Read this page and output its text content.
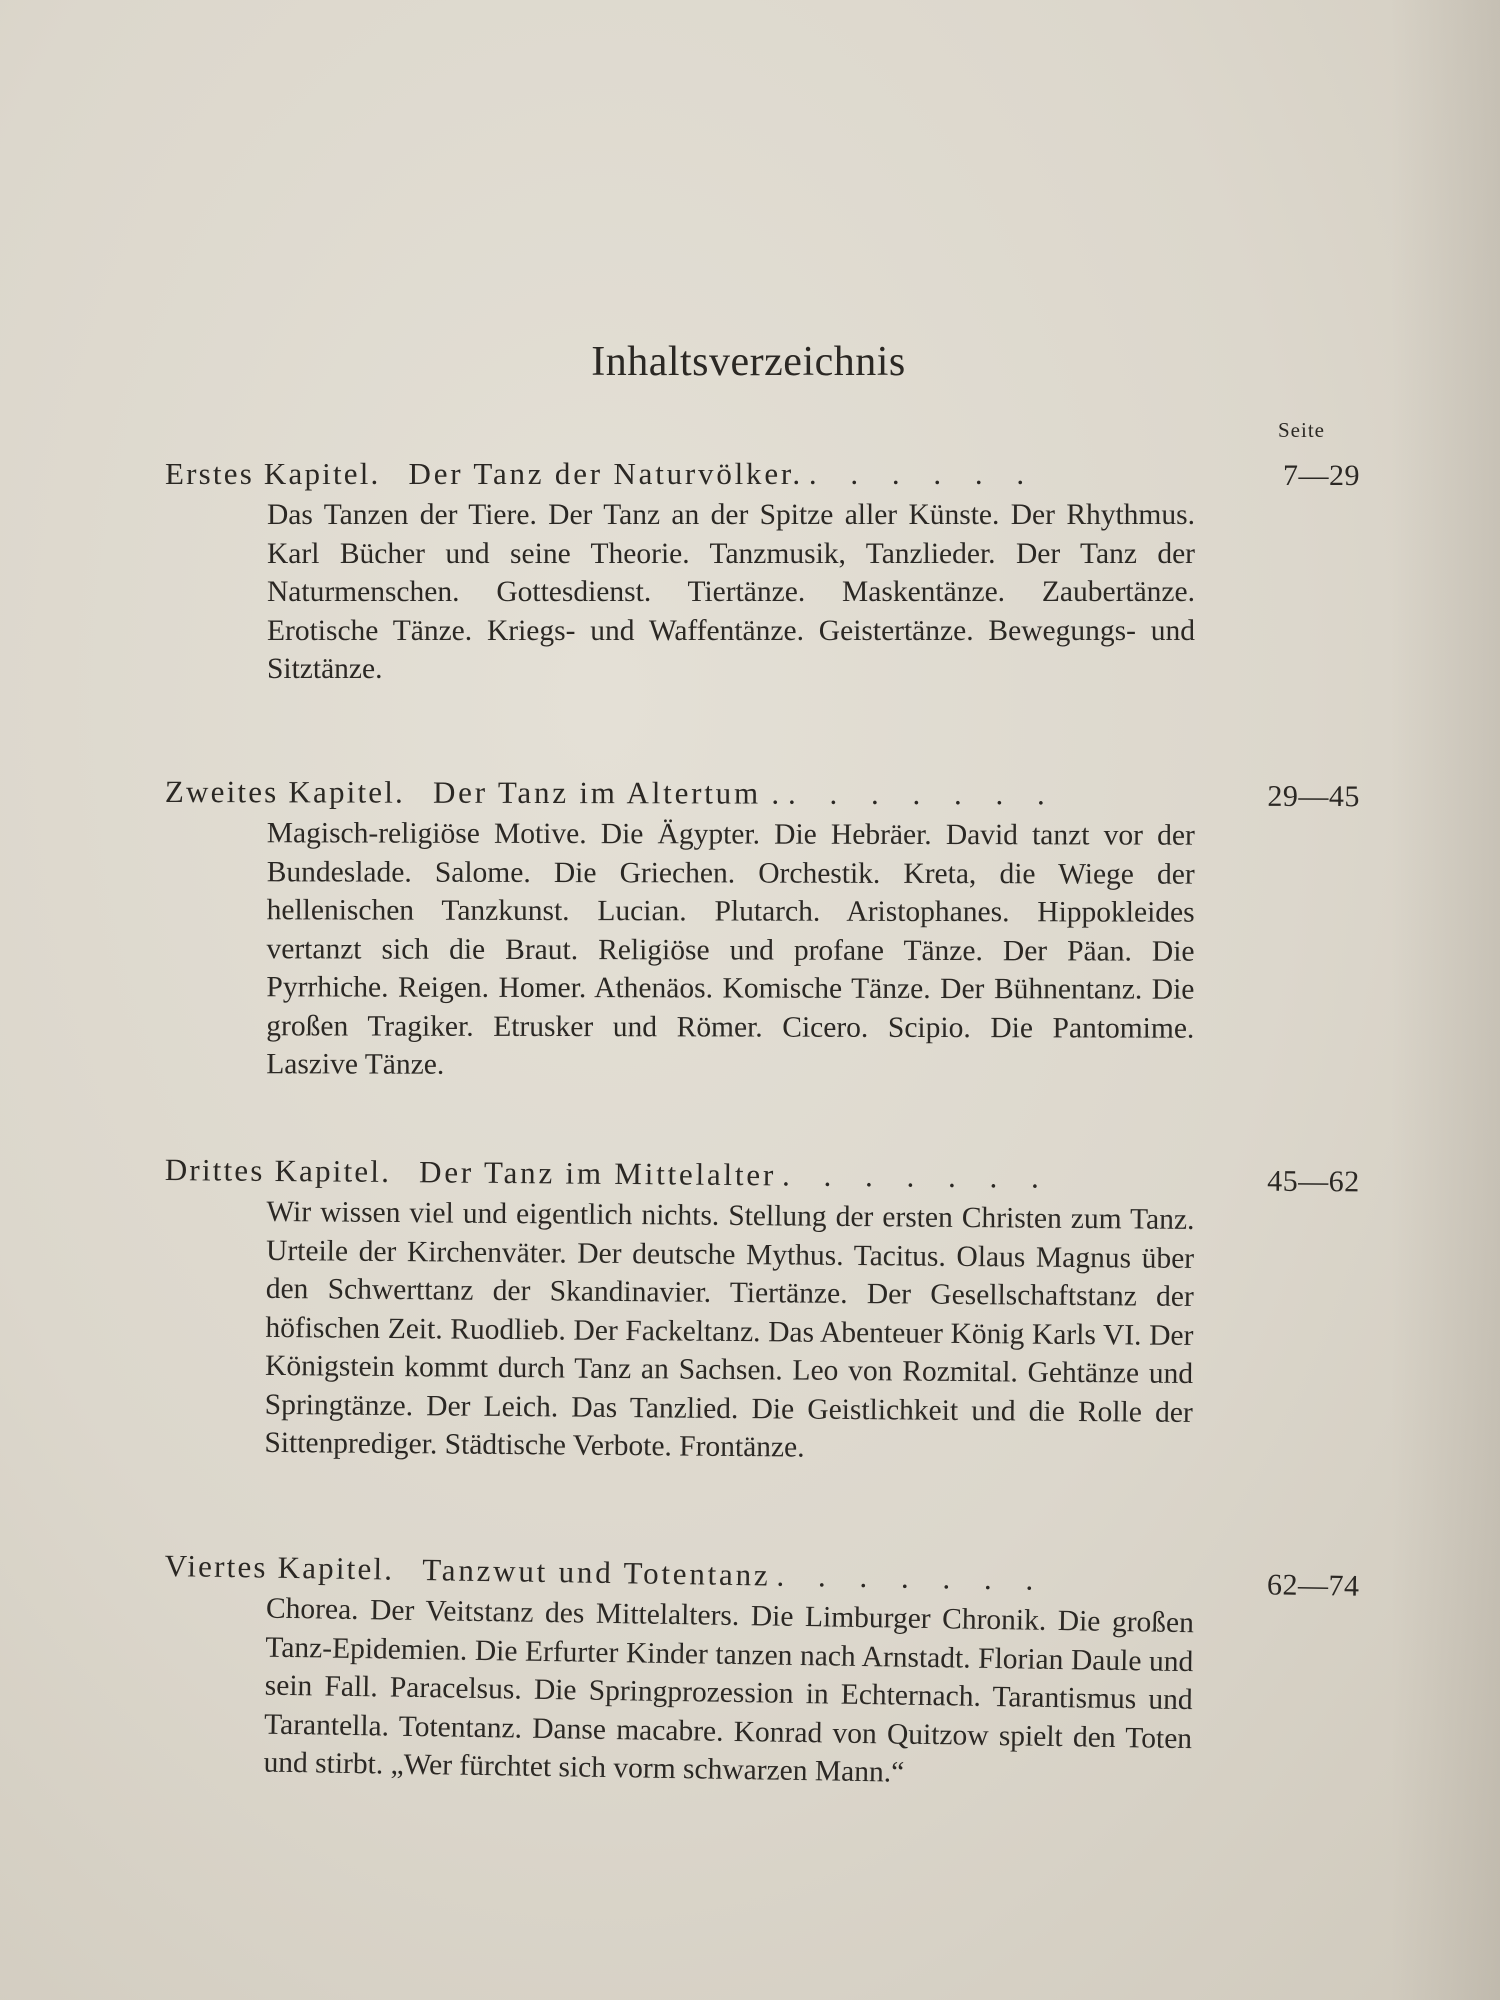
Inhaltsverzeichnis
Seite
Erstes Kapitel. Der Tanz der Naturvölker. . . . . . .	7—29
Das Tanzen der Tiere. Der Tanz an der Spitze aller Künste. Der Rhythmus. Karl Bücher und seine Theorie. Tanzmusik, Tanzlieder. Der Tanz der Naturmenschen. Gottesdienst. Tiertänze. Maskentänze. Zaubertänze. Erotische Tänze. Kriegs- und Waffentänze. Geistertänze. Bewegungs- und Sitztänze.
Zweites Kapitel. Der Tanz im Altertum . . . . . . . .	29—45
Magisch-religiöse Motive. Die Ägypter. Die Hebräer. David tanzt vor der Bundeslade. Salome. Die Griechen. Orchestik. Kreta, die Wiege der hellenischen Tanzkunst. Lucian. Plutarch. Aristophanes. Hippokleides vertanzt sich die Braut. Religiöse und profane Tänze. Der Päan. Die Pyrrhiche. Reigen. Homer. Athenäos. Komische Tänze. Der Bühnentanz. Die großen Tragiker. Etrusker und Römer. Cicero. Scipio. Die Pantomime. Laszive Tänze.
Drittes Kapitel. Der Tanz im Mittelalter . . . . . . .	45—62
Wir wissen viel und eigentlich nichts. Stellung der ersten Christen zum Tanz. Urteile der Kirchenväter. Der deutsche Mythus. Tacitus. Olaus Magnus über den Schwerttanz der Skandinavier. Tiertänze. Der Gesellschaftstanz der höfischen Zeit. Ruodlieb. Der Fackeltanz. Das Abenteuer König Karls VI. Der Königstein kommt durch Tanz an Sachsen. Leo von Rozmital. Gehtänze und Springtänze. Der Leich. Das Tanzlied. Die Geistlichkeit und die Rolle der Sittenprediger. Städtische Verbote. Frontänze.
Viertes Kapitel. Tanzwut und Totentanz . . . . . . .	62—74
Chorea. Der Veitstanz des Mittelalters. Die Limburger Chronik. Die großen Tanz-Epidemien. Die Erfurter Kinder tanzen nach Arnstadt. Florian Daule und sein Fall. Paracelsus. Die Springprozession in Echternach. Tarantismus und Tarantella. Totentanz. Danse macabre. Konrad von Quitzow spielt den Toten und stirbt. „Wer fürchtet sich vorm schwarzen Mann.“
